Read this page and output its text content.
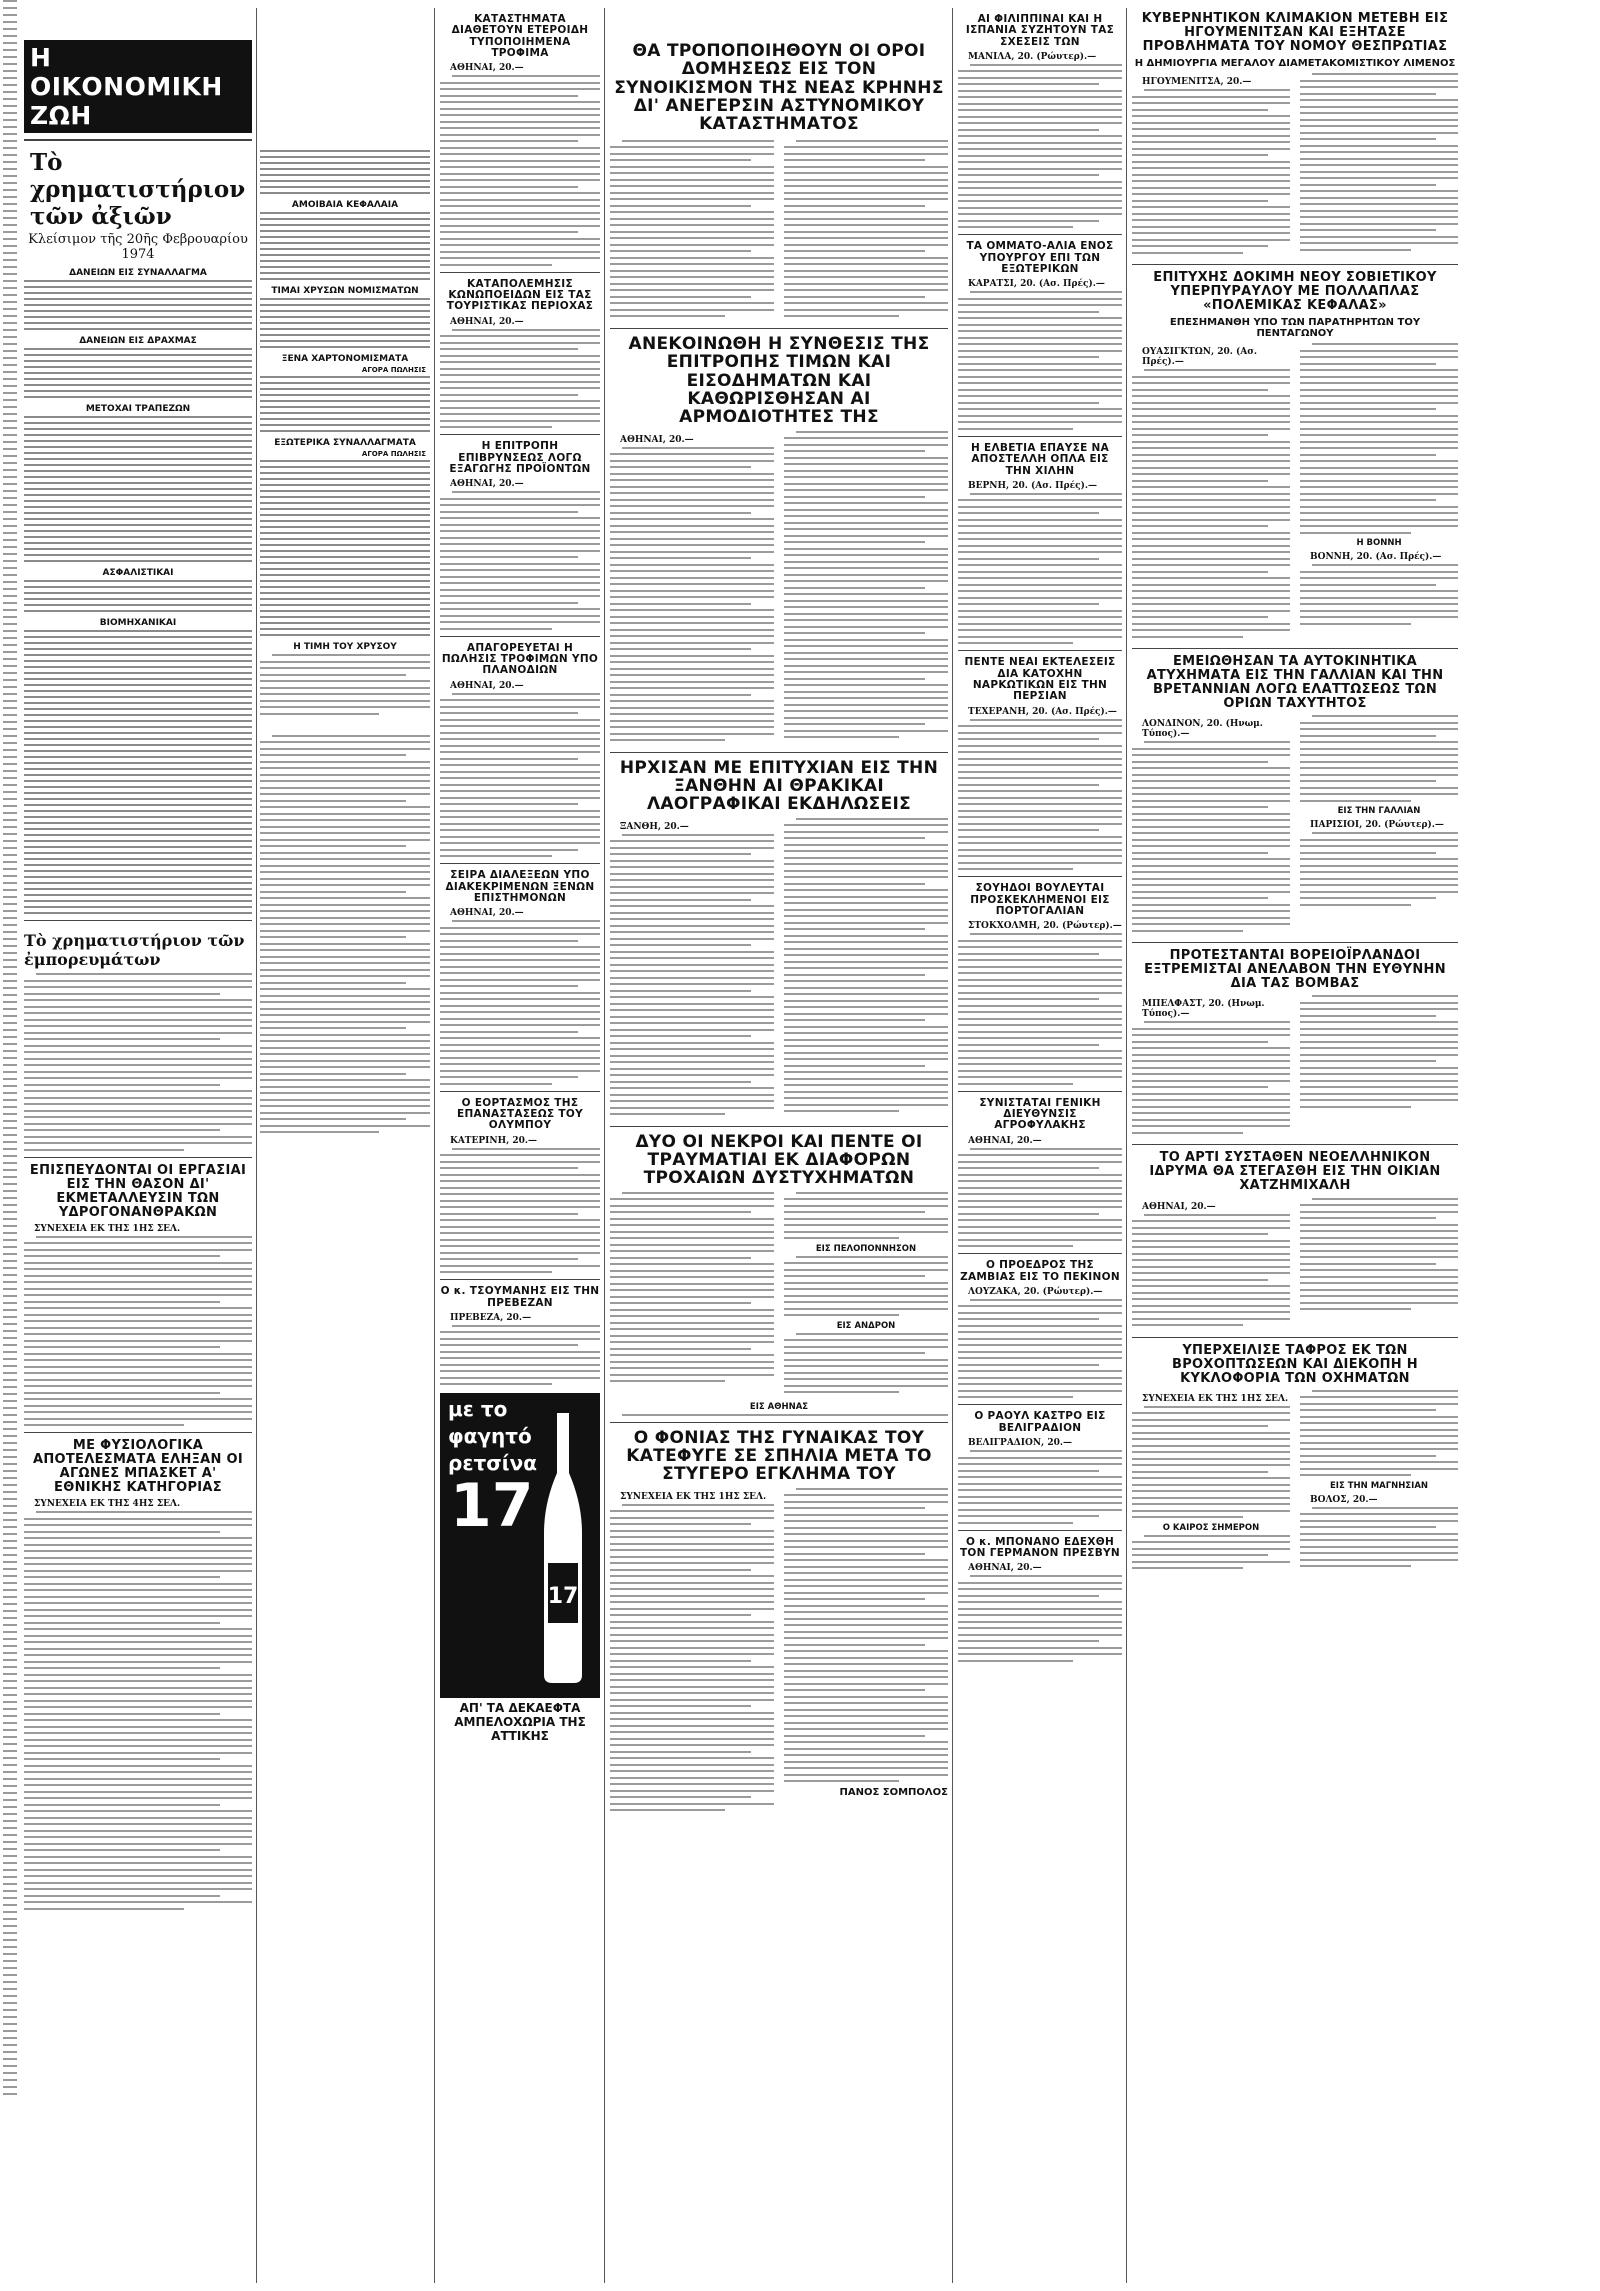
Η ΟΙΚΟΝΟΜΙΚΗ ΖΩΗ
Τὸ χρηματιστήριον τῶν ἀξιῶν
Κλείσιμον τῆς 20ῆς Φεβρουαρίου 1974
ΔΑΝΕΙΩΝ ΕΙΣ ΣΥΝΑΛΛΑΓΜΑ
ΔΑΝΕΙΩΝ ΕΙΣ ΔΡΑΧΜΑΣ
ΜΕΤΟΧΑΙ ΤΡΑΠΕΖΩΝ
ΑΣΦΑΛΙΣΤΙΚΑΙ
ΒΙΟΜΗΧΑΝΙΚΑΙ
Τὸ χρηματιστήριον τῶν ἐμπορευμάτων
ΕΠΙΣΠΕΥΔΟΝΤΑΙ ΟΙ ΕΡΓΑΣΙΑΙ ΕΙΣ ΤΗΝ ΘΑΣΟΝ ΔΙ' ΕΚΜΕΤΑΛΛΕΥΣΙΝ ΤΩΝ ΥΔΡΟΓΟΝΑΝΘΡΑΚΩΝ
ΣΥΝΕΧΕΙΑ ΕΚ ΤΗΣ 1ΗΣ ΣΕΛ.
ΜΕ ΦΥΣΙΟΛΟΓΙΚΑ ΑΠΟΤΕΛΕΣΜΑΤΑ ΕΛΗΞΑΝ ΟΙ ΑΓΩΝΕΣ ΜΠΑΣΚΕΤ Α' ΕΘΝΙΚΗΣ ΚΑΤΗΓΟΡΙΑΣ
ΣΥΝΕΧΕΙΑ ΕΚ ΤΗΣ 4ΗΣ ΣΕΛ.
ΑΜΟΙΒΑΙΑ ΚΕΦΑΛΑΙΑ
ΤΙΜΑΙ ΧΡΥΣΩΝ ΝΟΜΙΣΜΑΤΩΝ
ΞΕΝΑ ΧΑΡΤΟΝΟΜΙΣΜΑΤΑ
ΑΓΟΡΑ ΠΩΛΗΣΙΣ
ΕΞΩΤΕΡΙΚΑ ΣΥΝΑΛΛΑΓΜΑΤΑ
ΑΓΟΡΑ ΠΩΛΗΣΙΣ
Η ΤΙΜΗ ΤΟΥ ΧΡΥΣΟΥ
ΚΑΤΑΣΤΗΜΑΤΑ ΔΙΑΘΕΤΟΥΝ ΕΤΕΡΟΙΔΗ ΤΥΠΟΠΟΙΗΜΕΝΑ ΤΡΟΦΙΜΑ
ΑΘΗΝΑΙ, 20.—
ΚΑΤΑΠΟΛΕΜΗΣΙΣ ΚΩΝΩΠΟΕΙΔΩΝ ΕΙΣ ΤΑΣ ΤΟΥΡΙΣΤΙΚΑΣ ΠΕΡΙΟΧΑΣ
ΑΘΗΝΑΙ, 20.—
Η ΕΠΙΤΡΟΠΗ ΕΠΙΒΡΥΝΣΕΩΣ ΛΟΓΩ ΕΞΑΓΩΓΗΣ ΠΡΟΪΟΝΤΩΝ
ΑΘΗΝΑΙ, 20.—
ΑΠΑΓΟΡΕΥΕΤΑΙ Η ΠΩΛΗΣΙΣ ΤΡΟΦΙΜΩΝ ΥΠΟ ΠΛΑΝΟΔΙΩΝ
ΑΘΗΝΑΙ, 20.—
ΣΕΙΡΑ ΔΙΑΛΕΞΕΩΝ ΥΠΟ ΔΙΑΚΕΚΡΙΜΕΝΩΝ ΞΕΝΩΝ ΕΠΙΣΤΗΜΟΝΩΝ
ΑΘΗΝΑΙ, 20.—
Ο ΕΟΡΤΑΣΜΟΣ ΤΗΣ ΕΠΑΝΑΣΤΑΣΕΩΣ ΤΟΥ ΟΛΥΜΠΟΥ
ΚΑΤΕΡΙΝΗ, 20.—
Ο κ. ΤΣΟΥΜΑΝΗΣ ΕΙΣ ΤΗΝ ΠΡΕΒΕΖΑΝ
ΠΡΕΒΕΖΑ, 20.—
με το
φαγητό
ρετσίνα
17
17
ΑΠ' ΤΑ ΔΕΚΑΕΦΤΑ ΑΜΠΕΛΟΧΩΡΙΑ ΤΗΣ ΑΤΤΙΚΗΣ
ΘΑ ΤΡΟΠΟΠΟΙΗΘΟΥΝ ΟΙ ΟΡΟΙ ΔΟΜΗΣΕΩΣ ΕΙΣ ΤΟΝ ΣΥΝΟΙΚΙΣΜΟΝ ΤΗΣ ΝΕΑΣ ΚΡΗΝΗΣ ΔΙ' ΑΝΕΓΕΡΣΙΝ ΑΣΤΥΝΟΜΙΚΟΥ ΚΑΤΑΣΤΗΜΑΤΟΣ
ΑΝΕΚΟΙΝΩΘΗ Η ΣΥΝΘΕΣΙΣ ΤΗΣ ΕΠΙΤΡΟΠΗΣ ΤΙΜΩΝ ΚΑΙ ΕΙΣΟΔΗΜΑΤΩΝ ΚΑΙ ΚΑΘΩΡΙΣΘΗΣΑΝ ΑΙ ΑΡΜΟΔΙΟΤΗΤΕΣ ΤΗΣ
ΑΘΗΝΑΙ, 20.—
ΗΡΧΙΣΑΝ ΜΕ ΕΠΙΤΥΧΙΑΝ ΕΙΣ ΤΗΝ ΞΑΝΘΗΝ ΑΙ ΘΡΑΚΙΚΑΙ ΛΑΟΓΡΑΦΙΚΑΙ ΕΚΔΗΛΩΣΕΙΣ
ΞΑΝΘΗ, 20.—
ΔΥΟ ΟΙ ΝΕΚΡΟΙ ΚΑΙ ΠΕΝΤΕ ΟΙ ΤΡΑΥΜΑΤΙΑΙ ΕΚ ΔΙΑΦΟΡΩΝ ΤΡΟΧΑΙΩΝ ΔΥΣΤΥΧΗΜΑΤΩΝ
ΕΙΣ ΠΕΛΟΠΟΝΝΗΣΟΝ
ΕΙΣ ΑΝΔΡΟΝ
ΕΙΣ ΑΘΗΝΑΣ
Ο ΦΟΝΙΑΣ ΤΗΣ ΓΥΝΑΙΚΑΣ ΤΟΥ ΚΑΤΕΦΥΓΕ ΣΕ ΣΠΗΛΙΑ ΜΕΤΑ ΤΟ ΣΤΥΓΕΡΟ ΕΓΚΛΗΜΑ ΤΟΥ
ΣΥΝΕΧΕΙΑ ΕΚ ΤΗΣ 1ΗΣ ΣΕΛ.
ΠΑΝΟΣ ΣΟΜΠΟΛΟΣ
ΑΙ ΦΙΛΙΠΠΙΝΑΙ ΚΑΙ Η ΙΣΠΑΝΙΑ ΣΥΖΗΤΟΥΝ ΤΑΣ ΣΧΕΣΕΙΣ ΤΩΝ
ΜΑΝΙΛΑ, 20. (Ρώυτερ).—
ΤΑ ΟΜΜΑΤΟ-ΑΛΙΑ ΕΝΟΣ ΥΠΟΥΡΓΟΥ ΕΠΙ ΤΩΝ ΕΞΩΤΕΡΙΚΩΝ
ΚΑΡΑΤΣΙ, 20. (Ασ. Πρές).—
Η ΕΛΒΕΤΙΑ ΕΠΑΥΣΕ ΝΑ ΑΠΟΣΤΕΛΛΗ ΟΠΛΑ ΕΙΣ ΤΗΝ ΧΙΛΗΝ
ΒΕΡΝΗ, 20. (Ασ. Πρές).—
ΠΕΝΤΕ ΝΕΑΙ ΕΚΤΕΛΕΣΕΙΣ ΔΙΑ ΚΑΤΟΧΗΝ ΝΑΡΚΩΤΙΚΩΝ ΕΙΣ ΤΗΝ ΠΕΡΣΙΑΝ
ΤΕΧΕΡΑΝΗ, 20. (Ασ. Πρές).—
ΣΟΥΗΔΟΙ ΒΟΥΛΕΥΤΑΙ ΠΡΟΣΚΕΚΛΗΜΕΝΟΙ ΕΙΣ ΠΟΡΤΟΓΑΛΙΑΝ
ΣΤΟΚΧΟΛΜΗ, 20. (Ρώυτερ).—
ΣΥΝΙΣΤΑΤΑΙ ΓΕΝΙΚΗ ΔΙΕΥΘΥΝΣΙΣ ΑΓΡΟΦΥΛΑΚΗΣ
ΑΘΗΝΑΙ, 20.—
Ο ΠΡΟΕΔΡΟΣ ΤΗΣ ΖΑΜΒΙΑΣ ΕΙΣ ΤΟ ΠΕΚΙΝΟΝ
ΛΟΥΖΑΚΑ, 20. (Ρώυτερ).—
Ο ΡΑΟΥΛ ΚΑΣΤΡΟ ΕΙΣ ΒΕΛΙΓΡΑΔΙΟΝ
ΒΕΛΙΓΡΑΔΙΟΝ, 20.—
Ο κ. ΜΠΟΝΑΝΟ ΕΔΕΧΘΗ ΤΟΝ ΓΕΡΜΑΝΟΝ ΠΡΕΣΒΥΝ
ΑΘΗΝΑΙ, 20.—
ΚΥΒΕΡΝΗΤΙΚΟΝ ΚΛΙΜΑΚΙΟΝ ΜΕΤΕΒΗ ΕΙΣ ΗΓΟΥΜΕΝΙΤΣΑΝ ΚΑΙ ΕΞΗΤΑΣΕ ΠΡΟΒΛΗΜΑΤΑ ΤΟΥ ΝΟΜΟΥ ΘΕΣΠΡΩΤΙΑΣ
Η ΔΗΜΙΟΥΡΓΙΑ ΜΕΓΑΛΟΥ ΔΙΑΜΕΤΑΚΟΜΙΣΤΙΚΟΥ ΛΙΜΕΝΟΣ
ΗΓΟΥΜΕΝΙΤΣΑ, 20.—
ΕΠΙΤΥΧΗΣ ΔΟΚΙΜΗ ΝΕΟΥ ΣΟΒΙΕΤΙΚΟΥ ΥΠΕΡΠΥΡΑΥΛΟΥ ΜΕ ΠΟΛΛΑΠΛΑΣ «ΠΟΛΕΜΙΚΑΣ ΚΕΦΑΛΑΣ»
ΕΠΕΣΗΜΑΝΘΗ ΥΠΟ ΤΩΝ ΠΑΡΑΤΗΡΗΤΩΝ ΤΟΥ ΠΕΝΤΑΓΩΝΟΥ
ΟΥΑΣΙΓΚΤΩΝ, 20. (Ασ. Πρές).—
Η ΒΟΝΝΗ
ΒΟΝΝΗ, 20. (Ασ. Πρές).—
ΕΜΕΙΩΘΗΣΑΝ ΤΑ ΑΥΤΟΚΙΝΗΤΙΚΑ ΑΤΥΧΗΜΑΤΑ ΕΙΣ ΤΗΝ ΓΑΛΛΙΑΝ ΚΑΙ ΤΗΝ ΒΡΕΤΑΝΝΙΑΝ ΛΟΓΩ ΕΛΑΤΤΩΣΕΩΣ ΤΩΝ ΟΡΙΩΝ ΤΑΧΥΤΗΤΟΣ
ΛΟΝΔΙΝΟΝ, 20. (Ηνωμ. Τύπος).—
ΕΙΣ ΤΗΝ ΓΑΛΛΙΑΝ
ΠΑΡΙΣΙΟΙ, 20. (Ρώυτερ).—
ΠΡΟΤΕΣΤΑΝΤΑΙ ΒΟΡΕΙΟΪΡΛΑΝΔΟΙ ΕΞΤΡΕΜΙΣΤΑΙ ΑΝΕΛΑΒΟΝ ΤΗΝ ΕΥΘΥΝΗΝ ΔΙΑ ΤΑΣ ΒΟΜΒΑΣ
ΜΠΕΛΦΑΣΤ, 20. (Ηνωμ. Τύπος).—
ΤΟ ΑΡΤΙ ΣΥΣΤΑΘΕΝ ΝΕΟΕΛΛΗΝΙΚΟΝ ΙΔΡΥΜΑ ΘΑ ΣΤΕΓΑΣΘΗ ΕΙΣ ΤΗΝ ΟΙΚΙΑΝ ΧΑΤΖΗΜΙΧΑΛΗ
ΑΘΗΝΑΙ, 20.—
ΥΠΕΡΧΕΙΛΙΣΕ ΤΑΦΡΟΣ ΕΚ ΤΩΝ ΒΡΟΧΟΠΤΩΣΕΩΝ ΚΑΙ ΔΙΕΚΟΠΗ Η ΚΥΚΛΟΦΟΡΙΑ ΤΩΝ ΟΧΗΜΑΤΩΝ
ΣΥΝΕΧΕΙΑ ΕΚ ΤΗΣ 1ΗΣ ΣΕΛ.
Ο ΚΑΙΡΟΣ ΣΗΜΕΡΟΝ
ΕΙΣ ΤΗΝ ΜΑΓΝΗΣΙΑΝ
ΒΟΛΟΣ, 20.—
